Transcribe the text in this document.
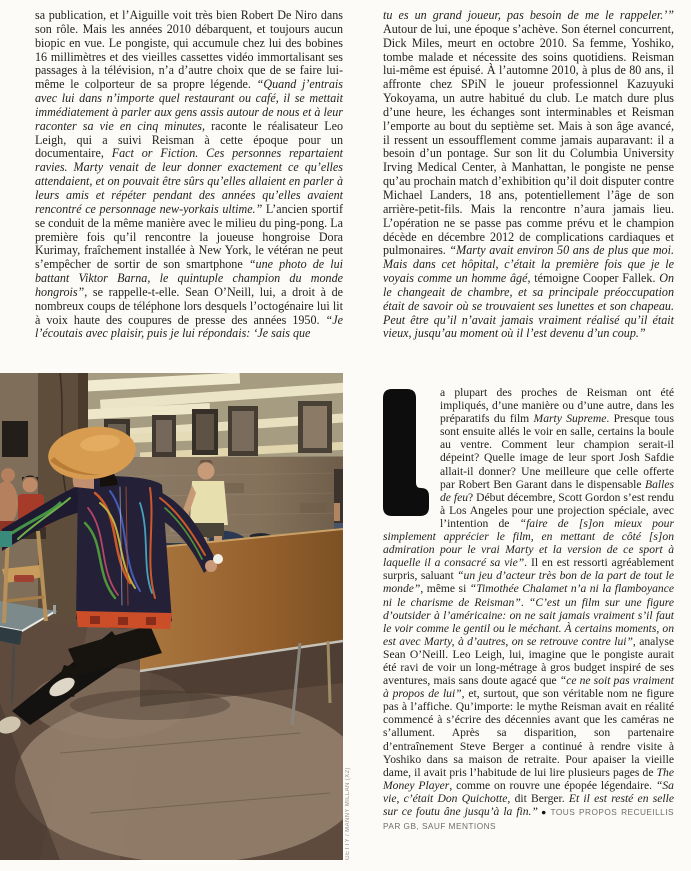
sa publication, et l’Aiguille voit très bien Robert De Niro dans son rôle. Mais les années 2010 débarquent, et toujours aucun biopic en vue. Le pongiste, qui accumule chez lui des bobines 16 millimètres et des vieilles cassettes vidéo immortalisant ses passages à la télévision, n’a d’autre choix que de se faire lui-même le colporteur de sa propre légende. “Quand j’entrais avec lui dans n’importe quel restaurant ou café, il se mettait immédiatement à parler aux gens assis autour de nous et à leur raconter sa vie en cinq minutes, raconte le réalisateur Leo Leigh, qui a suivi Reisman à cette époque pour un documentaire, Fact or Fiction. Ces personnes repartaient ravies. Marty venait de leur donner exactement ce qu’elles attendaient, et on pouvait être sûrs qu’elles allaient en parler à leurs amis et répéter pendant des années qu’elles avaient rencontré ce personnage new-yorkais ultime.” L’ancien sportif se conduit de la même manière avec le milieu du ping-pong. La première fois qu’il rencontre la joueuse hongroise Dora Kurimay, fraîchement installée à New York, le vétéran ne peut s’empêcher de sortir de son smartphone “une photo de lui battant Viktor Barna, le quintuple champion du monde hongrois”, se rappelle-t-elle. Sean O’Neill, lui, a droit à de nombreux coups de téléphone lors desquels l’octogénaire lui lit à voix haute des coupures de presse des années 1950. “Je l’écoutais avec plaisir, puis je lui répondais: ‘Je sais que

tu es un grand joueur, pas besoin de me le rappeler.’” Autour de lui, une époque s’achève. Son éternel concurrent, Dick Miles, meurt en octobre 2010. Sa femme, Yoshiko, tombe malade et nécessite des soins quotidiens. Reisman lui-même est épuisé. À l’automne 2010, à plus de 80 ans, il affronte chez SPiN le joueur professionnel Kazuyuki Yokoyama, un autre habitué du club. Le match dure plus d’une heure, les échanges sont interminables et Reisman l’emporte au bout du septième set. Mais à son âge avancé, il ressent un essoufflement comme jamais auparavant: il a besoin d’un pontage. Sur son lit du Columbia University Irving Medical Center, à Manhattan, le pongiste ne pense qu’au prochain match d’exhibition qu’il doit disputer contre Michael Landers, 18 ans, potentiellement l’âge de son arrière-petit-fils. Mais la rencontre n’aura jamais lieu. L’opération ne se passe pas comme prévu et le champion décède en décembre 2012 de complications cardiaques et pulmonaires. “Marty avait environ 50 ans de plus que moi. Mais dans cet hôpital, c’était la première fois que je le voyais comme un homme âgé, témoigne Cooper Fallek. On le changeait de chambre, et sa principale préoccupation était de savoir où se trouvaient ses lunettes et son chapeau. Peut être qu’il n’avait jamais vraiment réalisé qu’il était vieux, jusqu’au moment où il l’est devenu d’un coup.”

a plupart des proches de Reisman ont été impliqués, d’une manière ou d’une autre, dans les préparatifs du film Marty Supreme. Presque tous sont ensuite allés le voir en salle, certains la boule au ventre. Comment leur champion serait-il dépeint? Quelle image de leur sport Josh Safdie allait-il donner? Une meilleure que celle offerte par Robert Ben Garant dans le dispensable Balles de feu? Début décembre, Scott Gordon s’est rendu à Los Angeles pour une projection spéciale, avec l’intention de “faire de [s]on mieux pour simplement apprécier le film, en mettant de côté [s]on admiration pour le vrai Marty et la version de ce sport à laquelle il a consacré sa vie”. Il en est ressorti agréablement surpris, saluant “un jeu d’acteur très bon de la part de tout le monde”, même si “Timothée Chalamet n’a ni la flamboyance ni le charisme de Reisman”. “C’est un film sur une figure d’outsider à l’américaine: on ne sait jamais vraiment s’il faut le voir comme le gentil ou le méchant. À certains moments, on est avec Marty, à d’autres, on se retrouve contre lui”, analyse Sean O’Neill. Leo Leigh, lui, imagine que le pongiste aurait été ravi de voir un long-métrage à gros budget inspiré de ses aventures, mais sans doute agacé que “ce ne soit pas vraiment à propos de lui”, et, surtout, que son véritable nom ne figure pas à l’affiche. Qu’importe: le mythe Reisman avait en réalité commencé à s’écrire des décennies avant que les caméras ne s’allument. Après sa disparition, son partenaire d’entraînement Steve Berger a continué à rendre visite à Yoshiko dans sa maison de retraite. Pour apaiser la vieille dame, il avait pris l’habitude de lui lire plusieurs pages de The Money Player, comme on rouvre une épopée légendaire. “Sa vie, c’était Don Quichotte, dit Berger. Et il est resté en selle sur ce foutu âne jusqu’à la fin.” ● TOUS PROPOS RECUEILLIS PAR GB, SAUF MENTIONS

GETTY / MANNY MILLAN (X2)
